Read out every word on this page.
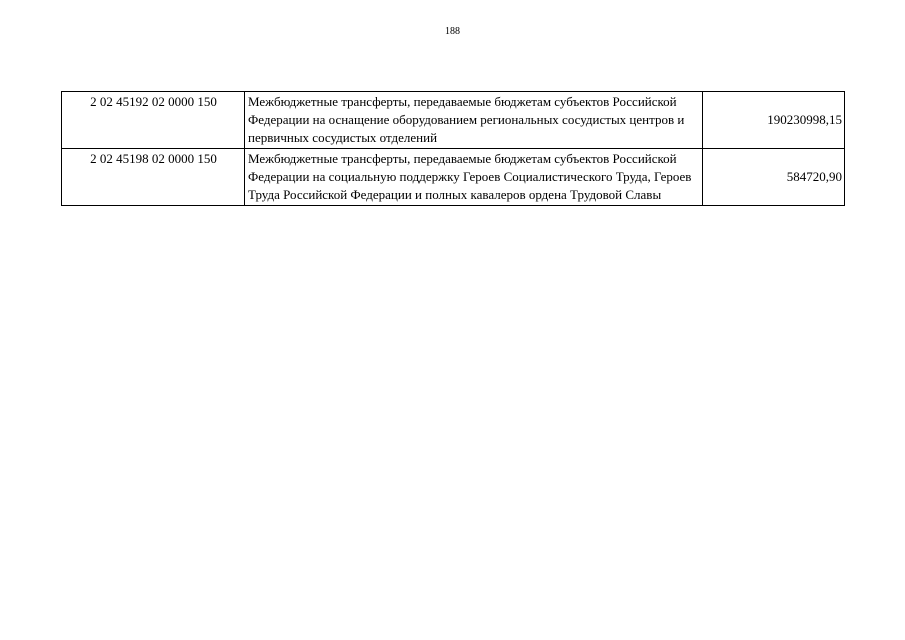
188
2 02 45192 02 0000 150	Межбюджетные трансферты, передаваемые бюджетам субъектов Российской Федерации на оснащение оборудованием региональных сосудистых центров и первичных сосудистых отделений	190230998,15
2 02 45198 02 0000 150	Межбюджетные трансферты, передаваемые бюджетам субъектов Российской Федерации на социальную поддержку Героев Социалистического Труда, Героев Труда Российской Федерации и полных кавалеров ордена Трудовой Славы	584720,90
